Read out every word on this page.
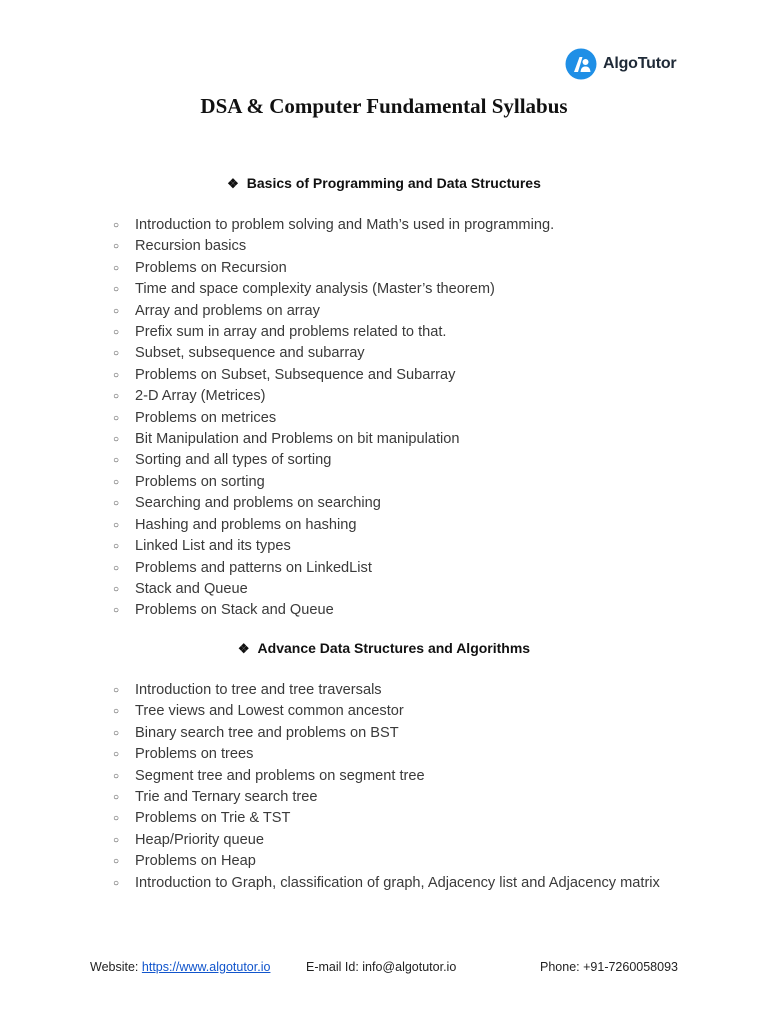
AlgoTutor
DSA & Computer Fundamental Syllabus
❖ Basics of Programming and Data Structures
○	Introduction to problem solving and Math’s used in programming.
○	Recursion basics
○	Problems on Recursion
○	Time and space complexity analysis (Master’s theorem)
○	Array and problems on array
○	Prefix sum in array and problems related to that.
○	Subset, subsequence and subarray
○	Problems on Subset, Subsequence and Subarray
○	2-D Array (Metrices)
○	Problems on metrices
○	Bit Manipulation and Problems on bit manipulation
○	Sorting and all types of sorting
○	Problems on sorting
○	Searching and problems on searching
○	Hashing and problems on hashing
○	Linked List and its types
○	Problems and patterns on LinkedList
○	Stack and Queue
○	Problems on Stack and Queue
❖ Advance Data Structures and Algorithms
○	Introduction to tree and tree traversals
○	Tree views and Lowest common ancestor
○	Binary search tree and problems on BST
○	Problems on trees
○	Segment tree and problems on segment tree
○	Trie and Ternary search tree
○	Problems on Trie & TST
○	Heap/Priority queue
○	Problems on Heap
○	Introduction to Graph, classification of graph, Adjacency list and Adjacency matrix
Website: https://www.algotutor.io	E-mail Id: info@algotutor.io	Phone: +91-7260058093
